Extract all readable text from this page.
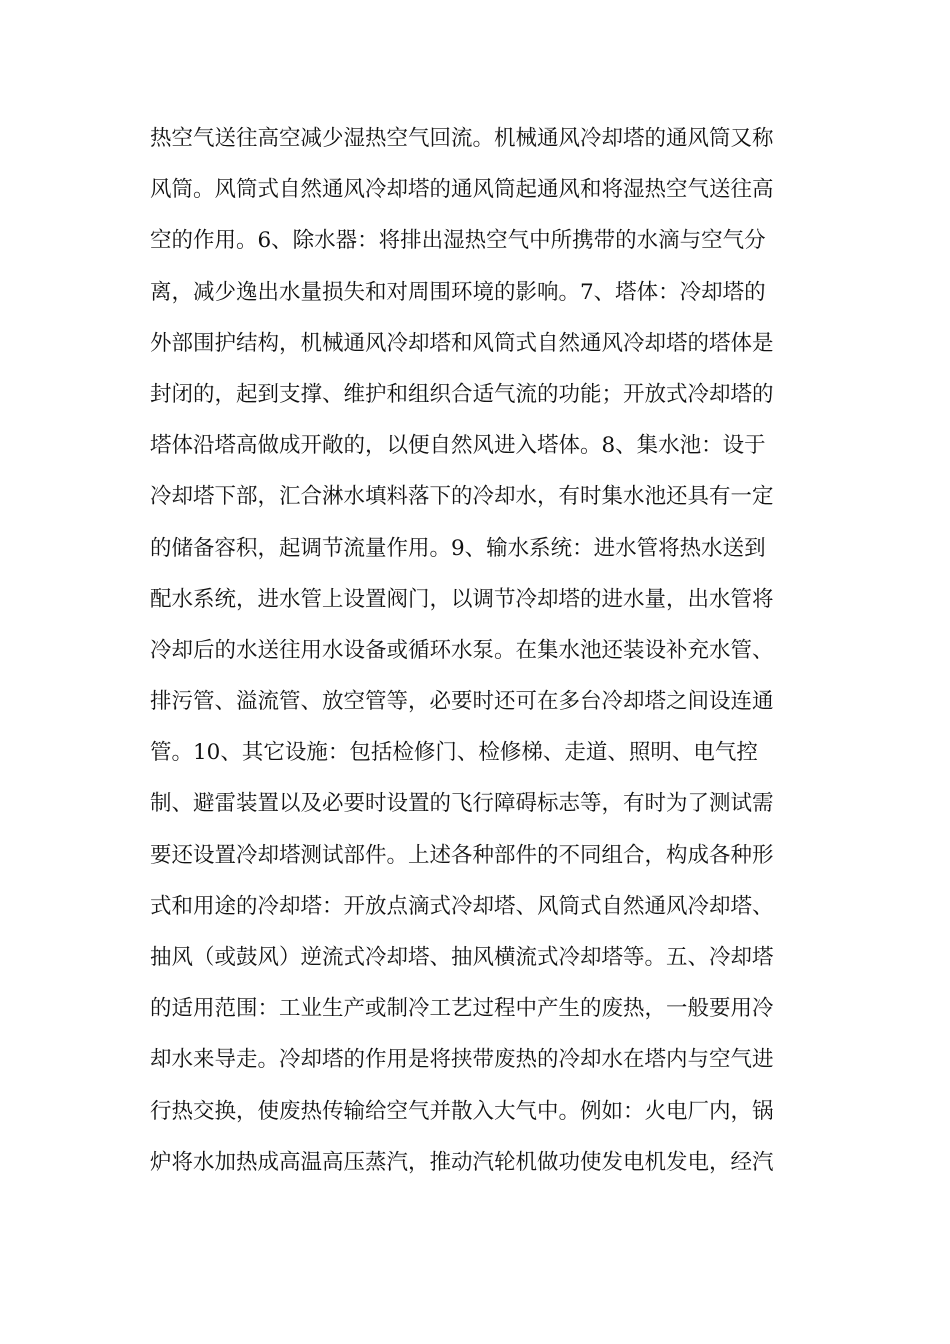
热空气送往高空减少湿热空气回流。机械通风冷却塔的通风筒又称
风筒。风筒式自然通风冷却塔的通风筒起通风和将湿热空气送往高
空的作用。6、除水器：将排出湿热空气中所携带的水滴与空气分
离，减少逸出水量损失和对周围环境的影响。7、塔体：冷却塔的
外部围护结构，机械通风冷却塔和风筒式自然通风冷却塔的塔体是
封闭的，起到支撑、维护和组织合适气流的功能；开放式冷却塔的
塔体沿塔高做成开敞的，以便自然风进入塔体。8、集水池：设于
冷却塔下部，汇合淋水填料落下的冷却水，有时集水池还具有一定
的储备容积，起调节流量作用。9、输水系统：进水管将热水送到
配水系统，进水管上设置阀门，以调节冷却塔的进水量，出水管将
冷却后的水送往用水设备或循环水泵。在集水池还装设补充水管、
排污管、溢流管、放空管等，必要时还可在多台冷却塔之间设连通
管。10、其它设施：包括检修门、检修梯、走道、照明、电气控
制、避雷装置以及必要时设置的飞行障碍标志等，有时为了测试需
要还设置冷却塔测试部件。上述各种部件的不同组合，构成各种形
式和用途的冷却塔：开放点滴式冷却塔、风筒式自然通风冷却塔、
抽风（或鼓风）逆流式冷却塔、抽风横流式冷却塔等。五、冷却塔
的适用范围：工业生产或制冷工艺过程中产生的废热，一般要用冷
却水来导走。冷却塔的作用是将挟带废热的冷却水在塔内与空气进
行热交换，使废热传输给空气并散入大气中。例如：火电厂内，锅
炉将水加热成高温高压蒸汽，推动汽轮机做功使发电机发电，经汽
